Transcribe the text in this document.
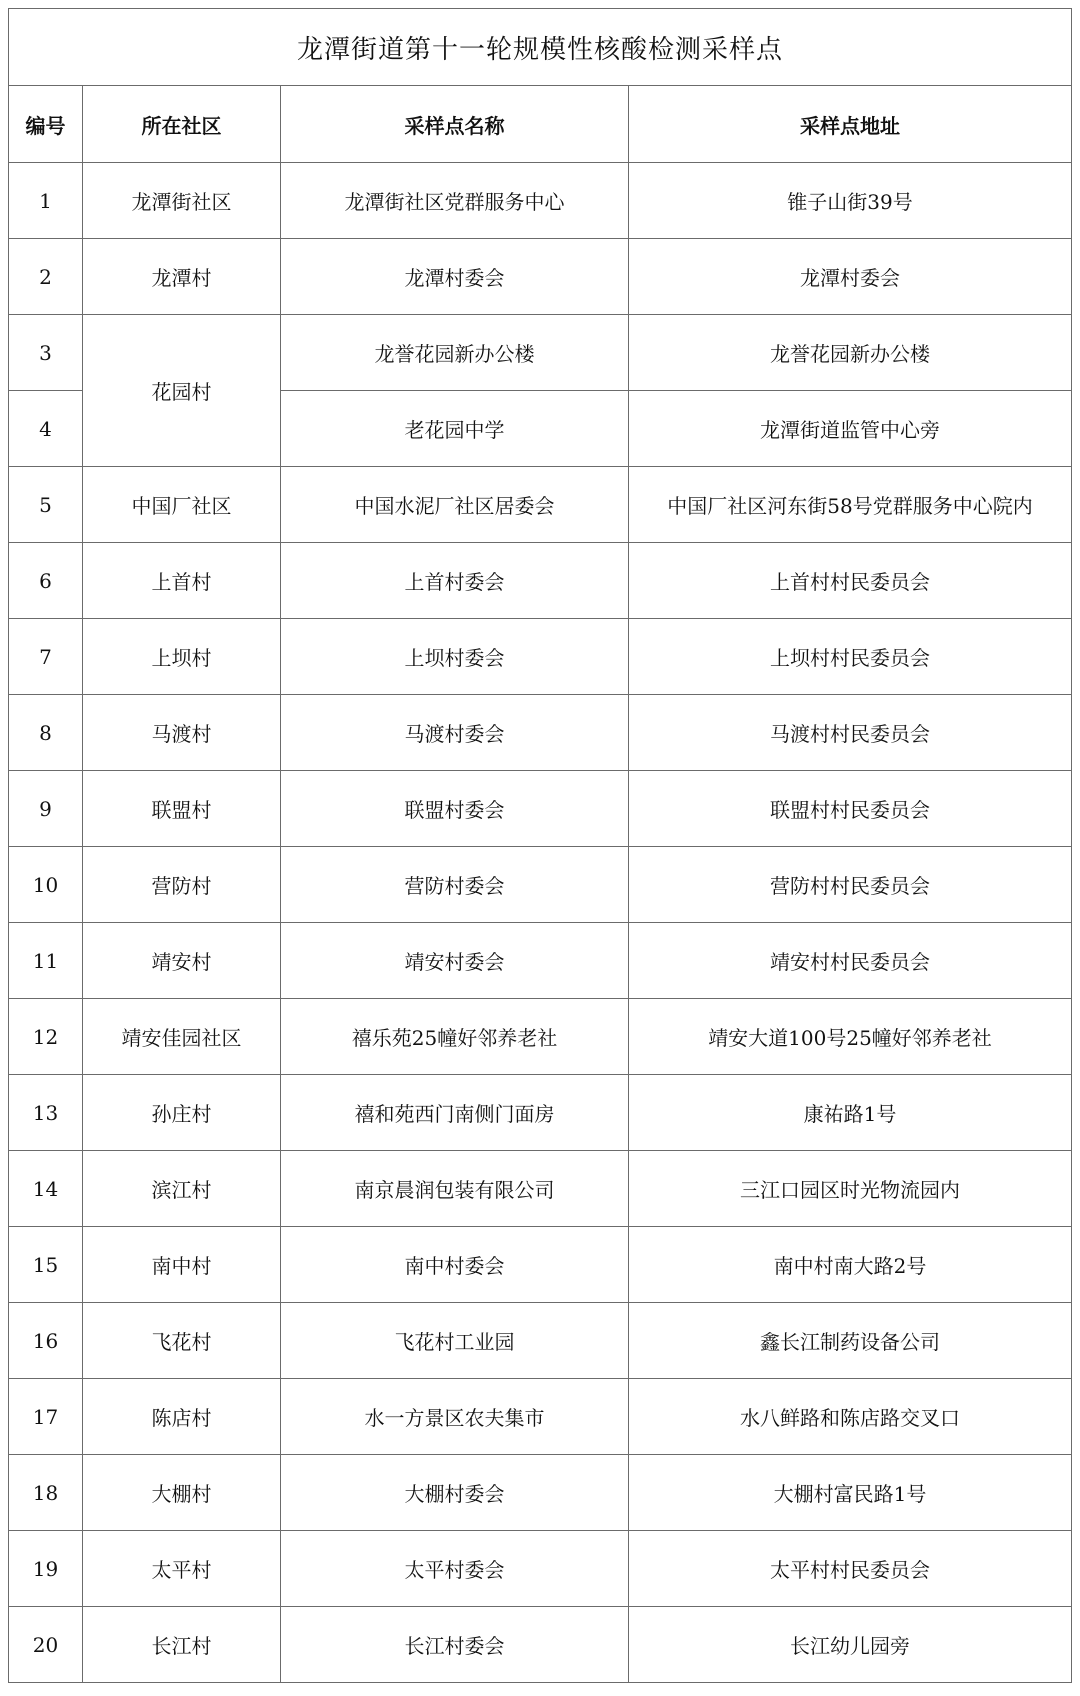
龙潭街道第十一轮规模性核酸检测采样点			
编号	所在社区	采样点名称	采样点地址
1	龙潭街社区	龙潭街社区党群服务中心	锥子山街39号
2	龙潭村	龙潭村委会	龙潭村委会
3	花园村	龙誉花园新办公楼	龙誉花园新办公楼
4		老花园中学	龙潭街道监管中心旁
5	中国厂社区	中国水泥厂社区居委会	中国厂社区河东街58号党群服务中心院内
6	上首村	上首村委会	上首村村民委员会
7	上坝村	上坝村委会	上坝村村民委员会
8	马渡村	马渡村委会	马渡村村民委员会
9	联盟村	联盟村委会	联盟村村民委员会
10	营防村	营防村委会	营防村村民委员会
11	靖安村	靖安村委会	靖安村村民委员会
12	靖安佳园社区	禧乐苑25幢好邻养老社	靖安大道100号25幢好邻养老社
13	孙庄村	禧和苑西门南侧门面房	康祐路1号
14	滨江村	南京晨润包装有限公司	三江口园区时光物流园内
15	南中村	南中村委会	南中村南大路2号
16	飞花村	飞花村工业园	鑫长江制药设备公司
17	陈店村	水一方景区农夫集市	水八鲜路和陈店路交叉口
18	大棚村	大棚村委会	大棚村富民路1号
19	太平村	太平村委会	太平村村民委员会
20	长江村	长江村委会	长江幼儿园旁
